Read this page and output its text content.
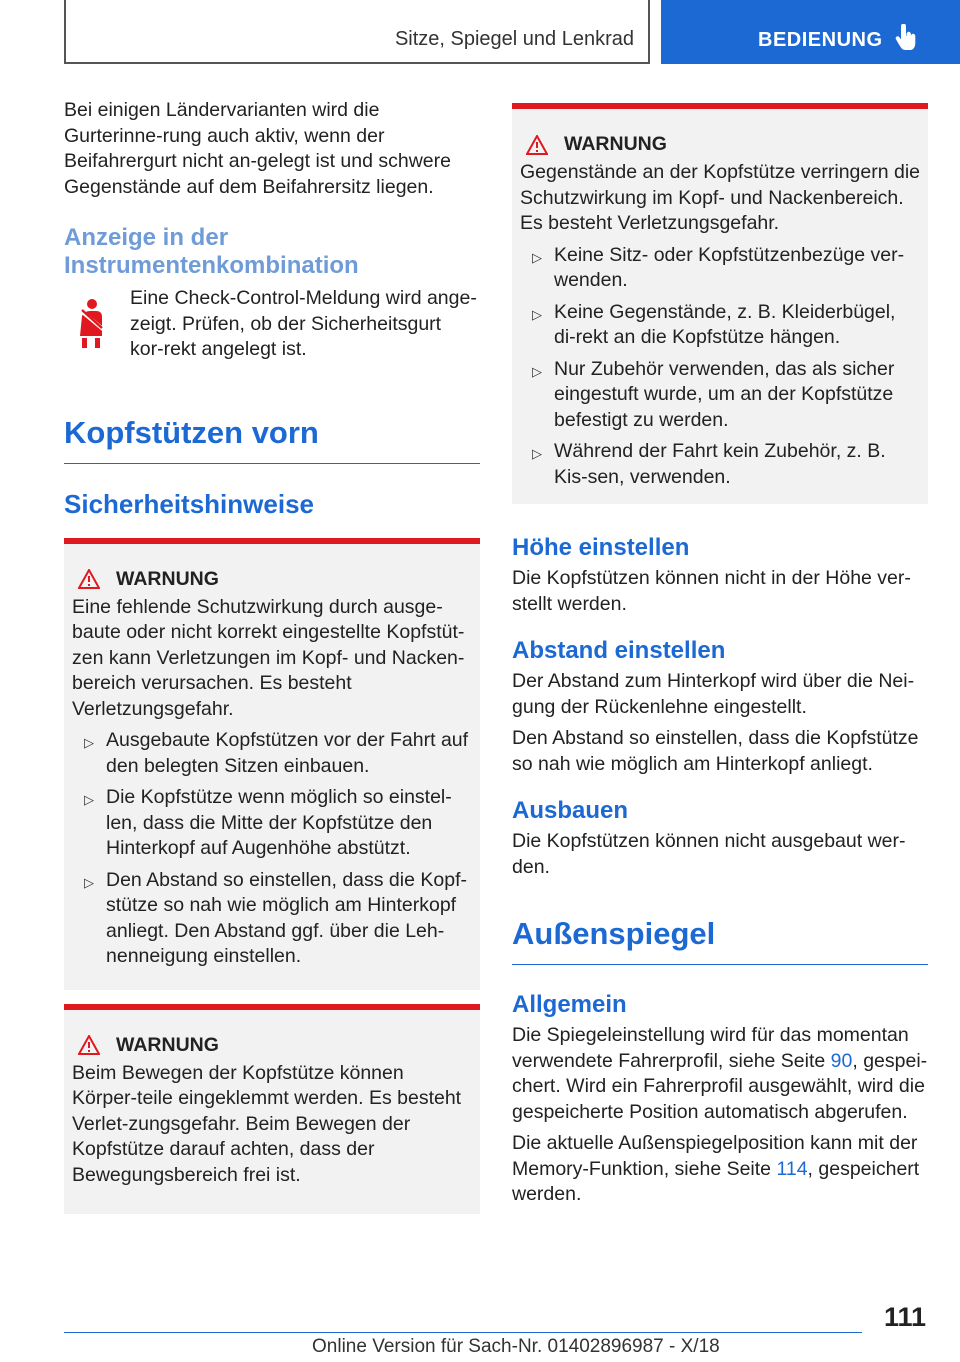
Sitze, Spiegel und Lenkrad	BEDIENUNG

Bei einigen Ländervarianten wird die Gurterinne-rung auch aktiv, wenn der Beifahrergurt nicht an-gelegt ist und schwere Gegenstände auf dem Beifahrersitz liegen.

Anzeige in der Instrumentenkombination

Eine Check-Control-Meldung wird ange-zeigt. Prüfen, ob der Sicherheitsgurt kor-rekt angelegt ist.

Kopfstützen vorn
Sicherheitshinweise
WARNUNG

Eine fehlende Schutzwirkung durch ausge-baute oder nicht korrekt eingestellte Kopfstüt-zen kann Verletzungen im Kopf- und Nacken-bereich verursachen. Es besteht Verletzungsgefahr.

▷ Ausgebaute Kopfstützen vor der Fahrt auf den belegten Sitzen einbauen.
▷ Die Kopfstütze wenn möglich so einstel-len, dass die Mitte der Kopfstütze den Hinterkopf auf Augenhöhe abstützt.
▷ Den Abstand so einstellen, dass die Kopf-stütze so nah wie möglich am Hinterkopf anliegt. Den Abstand ggf. über die Leh-nenneigung einstellen.
WARNUNG

Beim Bewegen der Kopfstütze können Körper-teile eingeklemmt werden. Es besteht Verlet-zungsgefahr. Beim Bewegen der Kopfstütze darauf achten, dass der Bewegungsbereich frei ist.

WARNUNG

Gegenstände an der Kopfstütze verringern die Schutzwirkung im Kopf- und Nackenbereich. Es besteht Verletzungsgefahr.

▷ Keine Sitz- oder Kopfstützenbezüge ver-wenden.
▷ Keine Gegenstände, z. B. Kleiderbügel, di-rekt an die Kopfstütze hängen.
▷ Nur Zubehör verwenden, das als sicher eingestuft wurde, um an der Kopfstütze befestigt zu werden.
▷ Während der Fahrt kein Zubehör, z. B. Kis-sen, verwenden.
Höhe einstellen

Die Kopfstützen können nicht in der Höhe ver-stellt werden.

Abstand einstellen

Der Abstand zum Hinterkopf wird über die Nei-gung der Rückenlehne eingestellt.

Den Abstand so einstellen, dass die Kopfstütze so nah wie möglich am Hinterkopf anliegt.

Ausbauen

Die Kopfstützen können nicht ausgebaut wer-den.

Außenspiegel
Allgemein

Die Spiegeleinstellung wird für das momentan verwendete Fahrerprofil, siehe Seite 90, gespei-chert. Wird ein Fahrerprofil ausgewählt, wird die gespeicherte Position automatisch abgerufen.

Die aktuelle Außenspiegelposition kann mit der Memory-Funktion, siehe Seite 114, gespeichert werden.

111
Online Version für Sach-Nr. 01402896987 - X/18
